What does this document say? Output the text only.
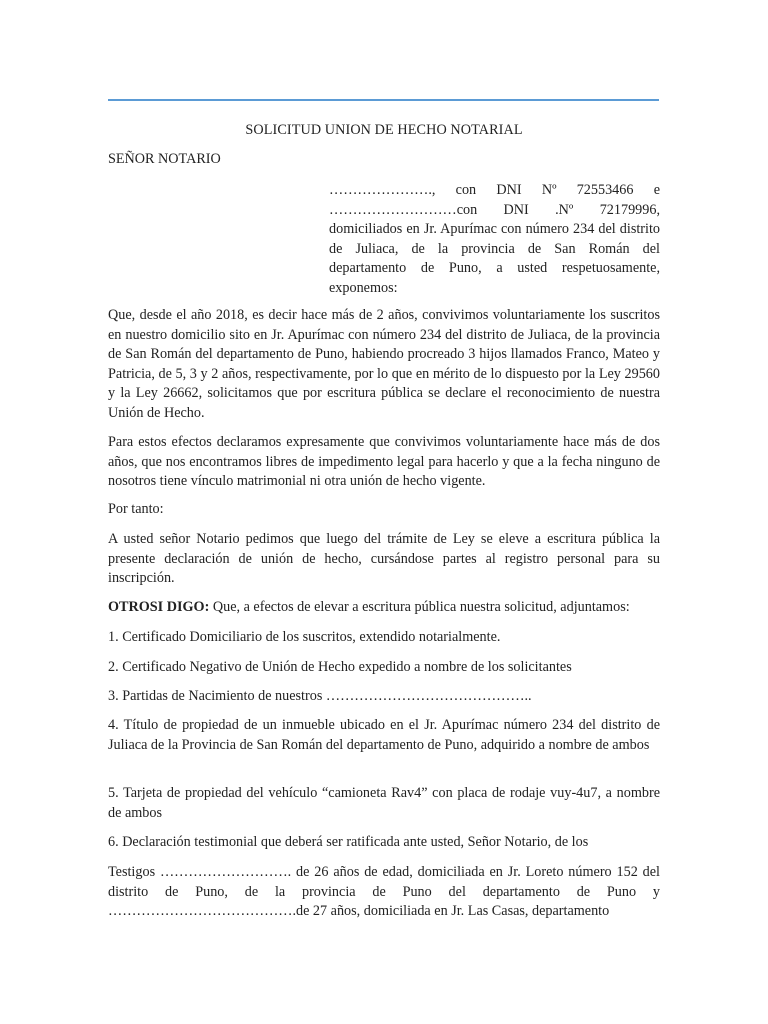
SOLICITUD UNION DE HECHO NOTARIAL
SEÑOR NOTARIO
…………………., con DNI Nº 72553466 e ………………………con DNI .Nº 72179996, domiciliados en Jr. Apurímac con número 234 del distrito de Juliaca, de la provincia de San Román del departamento de Puno, a usted respetuosamente, exponemos:

Que, desde el año 2018, es decir hace más de 2 años, convivimos voluntariamente los suscritos en nuestro domicilio sito en Jr. Apurímac con número 234 del distrito de Juliaca, de la provincia de San Román del departamento de Puno, habiendo procreado 3 hijos llamados Franco, Mateo y Patricia, de 5, 3 y 2 años, respectivamente, por lo que en mérito de lo dispuesto por la Ley 29560 y la Ley 26662, solicitamos que por escritura pública se declare el reconocimiento de nuestra Unión de Hecho.

Para estos efectos declaramos expresamente que convivimos voluntariamente hace más de dos años, que nos encontramos libres de impedimento legal para hacerlo y que a la fecha ninguno de nosotros tiene vínculo matrimonial ni otra unión de hecho vigente.

Por tanto:

A usted señor Notario pedimos que luego del trámite de Ley se eleve a escritura pública la presente declaración de unión de hecho, cursándose partes al registro personal para su inscripción.

OTROSI DIGO: Que, a efectos de elevar a escritura pública nuestra solicitud, adjuntamos:

1. Certificado Domiciliario de los suscritos, extendido notarialmente.

2. Certificado Negativo de Unión de Hecho expedido a nombre de los solicitantes

3. Partidas de Nacimiento de nuestros ……………………………………..

4. Título de propiedad de un inmueble ubicado en el Jr. Apurímac número 234 del distrito de Juliaca de la Provincia de San Román del departamento de Puno, adquirido a nombre de ambos

5. Tarjeta de propiedad del vehículo “camioneta Rav4” con placa de rodaje vuy-4u7, a nombre de ambos

6. Declaración testimonial que deberá ser ratificada ante usted, Señor Notario, de los

Testigos ………………………. de 26 años de edad, domiciliada en Jr. Loreto número 152 del distrito de Puno, de la provincia de Puno del departamento de Puno y ………………………………….de 27 años, domiciliada en Jr. Las Casas, departamento
